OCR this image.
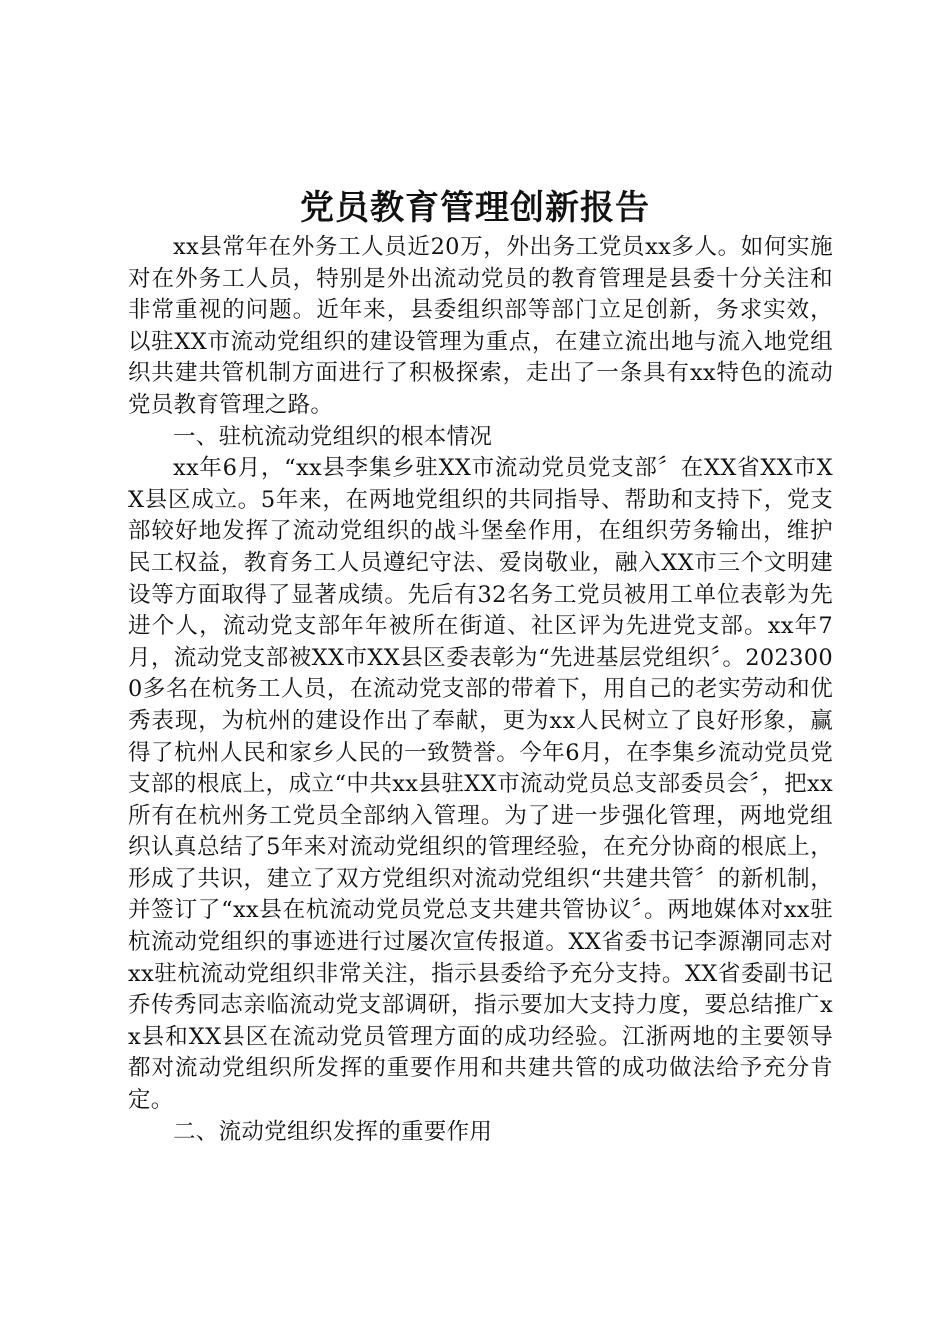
党员教育管理创新报告

xx县常年在外务工人员近20万，外出务工党员xx多人。如何实施对在外务工人员，特别是外出流动党员的教育管理是县委十分关注和非常重视的问题。近年来，县委组织部等部门立足创新，务求实效，以驻XX市流动党组织的建设管理为重点，在建立流出地与流入地党组织共建共管机制方面进行了积极探索，走出了一条具有xx特色的流动党员教育管理之路。

一、驻杭流动党组织的根本情况

xx年6月，“xx县李集乡驻XX市流动党员党支部〞在XX省XX市XX县区成立。5年来，在两地党组织的共同指导、帮助和支持下，党支部较好地发挥了流动党组织的战斗堡垒作用，在组织劳务输出，维护民工权益，教育务工人员遵纪守法、爱岗敬业，融入XX市三个文明建设等方面取得了显著成绩。先后有32名务工党员被用工单位表彰为先进个人，流动党支部年年被所在街道、社区评为先进党支部。xx年7月，流动党支部被XX市XX县区委表彰为“先进基层党组织〞。2023000多名在杭务工人员，在流动党支部的带着下，用自己的老实劳动和优秀表现，为杭州的建设作出了奉献，更为xx人民树立了良好形象，赢得了杭州人民和家乡人民的一致赞誉。今年6月，在李集乡流动党员党支部的根底上，成立“中共xx县驻XX市流动党员总支部委员会〞，把xx所有在杭州务工党员全部纳入管理。为了进一步强化管理，两地党组织认真总结了5年来对流动党组织的管理经验，在充分协商的根底上，形成了共识，建立了双方党组织对流动党组织“共建共管〞的新机制，并签订了“xx县在杭流动党员党总支共建共管协议〞。两地媒体对xx驻杭流动党组织的事迹进行过屡次宣传报道。XX省委书记李源潮同志对xx驻杭流动党组织非常关注，指示县委给予充分支持。XX省委副书记乔传秀同志亲临流动党支部调研，指示要加大支持力度，要总结推广xx县和XX县区在流动党员管理方面的成功经验。江浙两地的主要领导都对流动党组织所发挥的重要作用和共建共管的成功做法给予充分肯定。

二、流动党组织发挥的重要作用
